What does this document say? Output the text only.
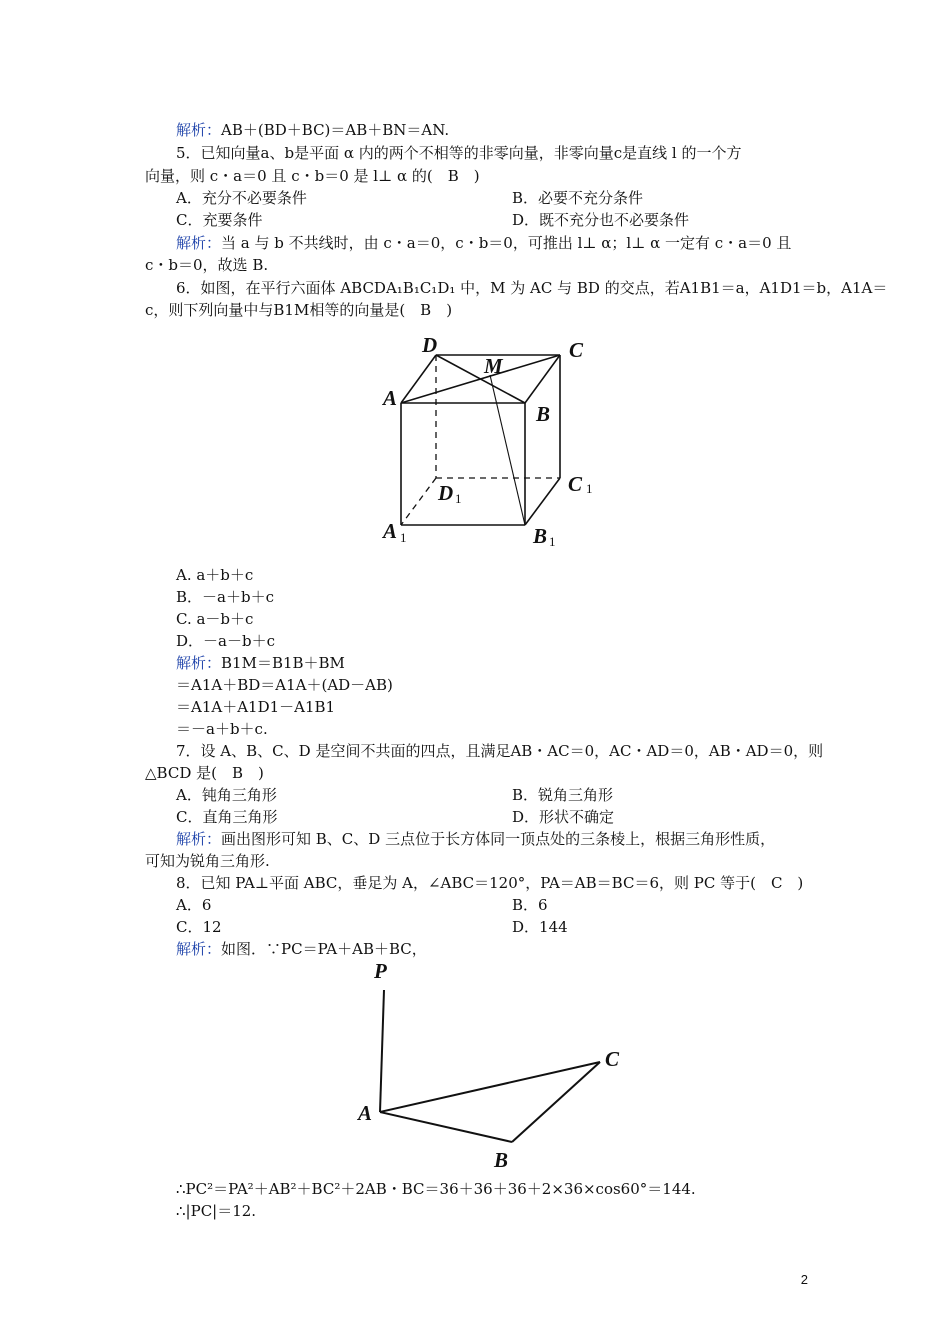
解析：AB＋(BD＋BC)＝AB＋BN＝AN.
5．已知向量a、b是平面 α 内的两个不相等的非零向量，非零向量c是直线 l 的一个方
向量，则 c・a＝0 且 c・b＝0 是 l⊥ α 的(　B　)
A．充分不必要条件	B．必要不充分条件
C．充要条件	D．既不充分也不必要条件
解析：当 a 与 b 不共线时，由 c・a＝0，c・b＝0，可推出 l⊥ α；l⊥ α 一定有 c・a＝0 且
c・b＝0，故选 B.
6．如图，在平行六面体 ABCDA₁B₁C₁D₁ 中，M 为 AC 与 BD 的交点，若A1B1＝a，A1D1＝b，A1A＝
c，则下列向量中与B1M相等的向量是(　B　)
D
M
C
A
B
C 1
D 1
A 1	B 1
A. a＋b＋c
B．－a＋b＋c
C. a－b＋c
D．－a－b＋c
解析：B1M＝B1B＋BM
＝A1A＋BD＝A1A＋(AD－AB)
＝A1A＋A1D1－A1B1
＝－a＋b＋c.
7．设 A、B、C、D 是空间不共面的四点，且满足AB・AC＝0，AC・AD＝0，AB・AD＝0，则
△BCD 是(　B　)
A．钝角三角形	B．锐角三角形
C．直角三角形	D．形状不确定
解析：画出图形可知 B、C、D 三点位于长方体同一顶点处的三条棱上，根据三角形性质，
可知为锐角三角形.
8．已知 PA⊥平面 ABC，垂足为 A，∠ABC＝120°，PA＝AB＝BC＝6，则 PC 等于(　C　)
A．6	B．6
C．12	D．144
解析：如图．∵PC＝PA＋AB＋BC，
P
C
A
B
∴PC²＝PA²＋AB²＋BC²＋2AB・BC＝36＋36＋36＋2×36×cos60°＝144.
∴|PC|＝12.
2
